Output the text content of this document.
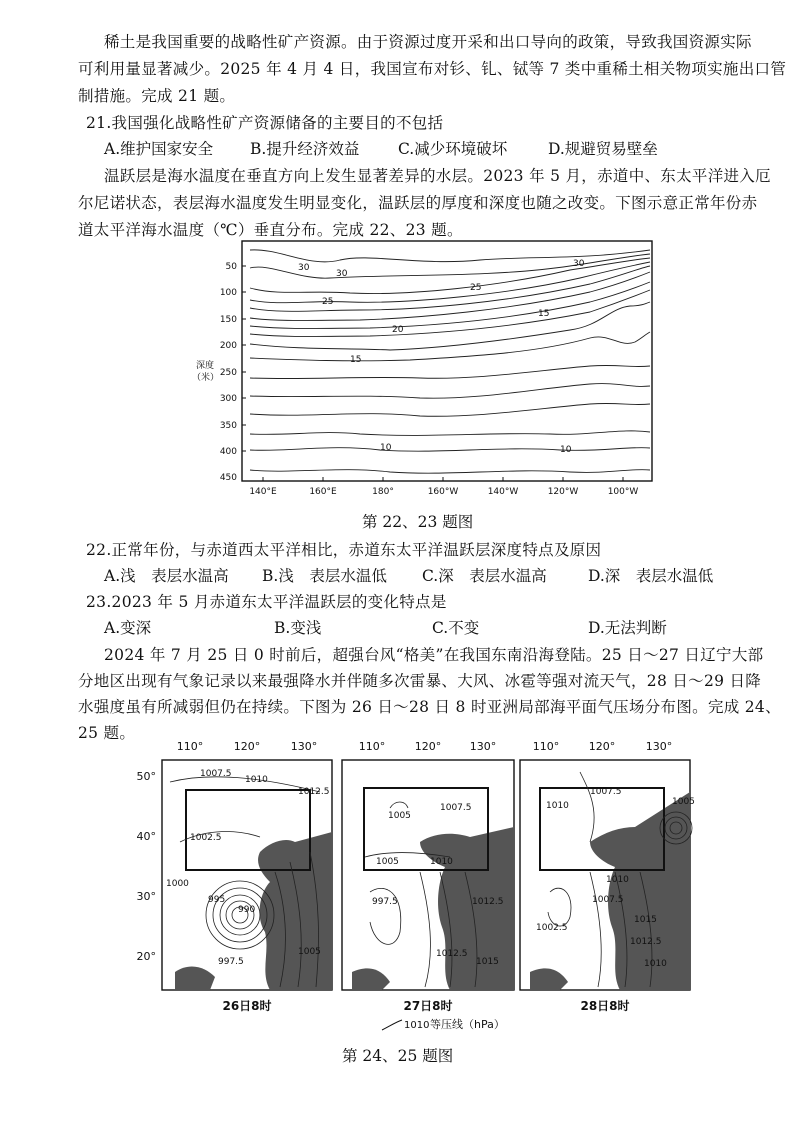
稀土是我国重要的战略性矿产资源。由于资源过度开采和出口导向的政策，导致我国资源实际
可利用量显著减少。2025 年 4 月 4 日，我国宣布对钐、钆、铽等 7 类中重稀土相关物项实施出口管
制措施。完成 21 题。
21.我国强化战略性矿产资源储备的主要目的不包括
A.维护国家安全 B.提升经济效益 C.减少环境破坏	D.规避贸易壁垒
温跃层是海水温度在垂直方向上发生显著差异的水层。2023 年 5 月，赤道中、东太平洋进入厄
尔尼诺状态，表层海水温度发生明显变化，温跃层的厚度和深度也随之改变。下图示意正常年份赤
道太平洋海水温度（℃）垂直分布。完成 22、23 题。
30
30
25
25
20
15
15
10	10
30
50
100
150
200
250
300
350
400
450
深度
（米）
140°E	160°E	180°	160°W	140°W	120°W	100°W
第 22、23 题图
22.正常年份，与赤道西太平洋相比，赤道东太平洋温跃层深度特点及原因
A.浅　表层水温高 B.浅　表层水温低 C.深　表层水温高	D.深　表层水温低
23.2023 年 5 月赤道东太平洋温跃层的变化特点是
A.变深	B.变浅	C.不变	D.无法判断
2024 年 7 月 25 日 0 时前后，超强台风“格美”在我国东南沿海登陆。25 日～27 日辽宁大部
分地区出现有气象记录以来最强降水并伴随多次雷暴、大风、冰雹等强对流天气，28 日～29 日降
水强度虽有所减弱但仍在持续。下图为 26 日～28 日 8 时亚洲局部海平面气压场分布图。完成 24、
25 题。
110°	120°	130°	110°	120°	130°	110°	120°	130°
50°
40°
30°
20°
1007.5
1010
1012.5
1002.5
1000
995
990
997.5
1005
26日8时
1005
1007.5
1005	1010
997.5	1012.5
1012.5
1015
27日8时
1010
1007.5
1005
1010
1002.5
1007.5
1015
1012.5
1010
28日8时
1010 等压线（hPa）
第 24、25 题图
